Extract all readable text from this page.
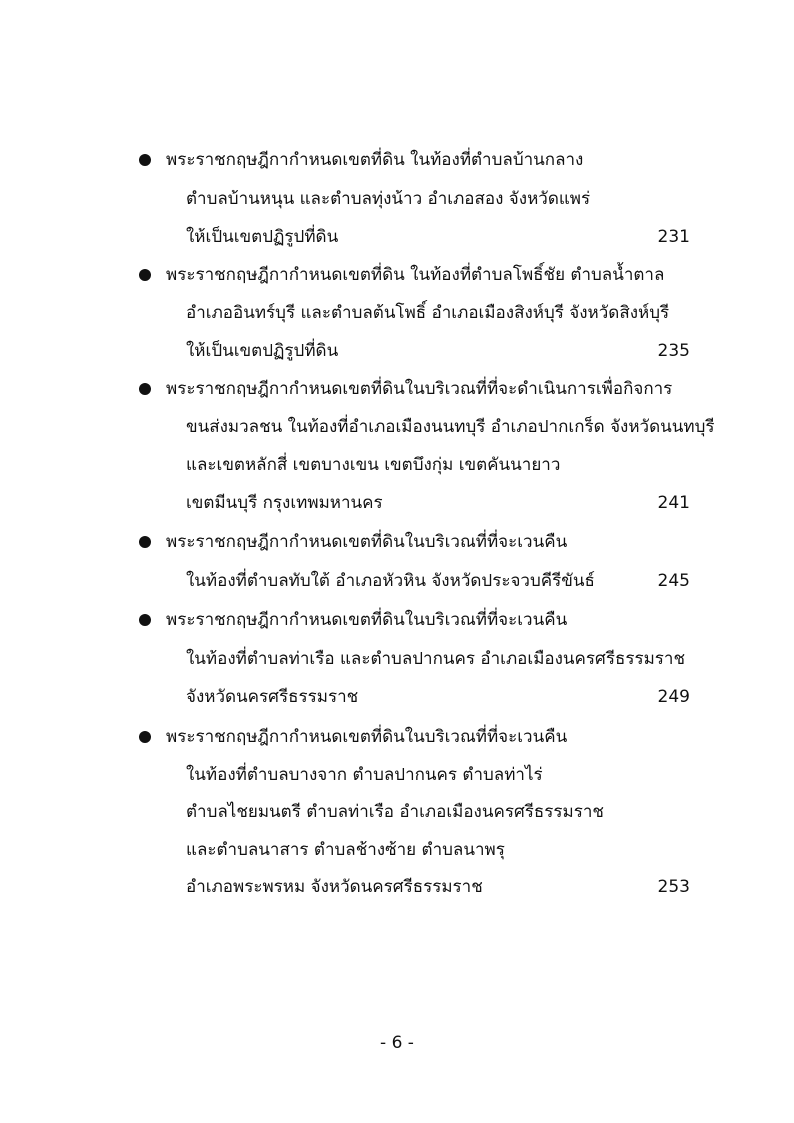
พระราชกฤษฎีกากำหนดเขตที่ดิน ในท้องที่ตำบลบ้านกลาง
ตำบลบ้านหนุน และตำบลทุ่งน้าว อำเภอสอง จังหวัดแพร่
ให้เป็นเขตปฏิรูปที่ดิน	231
พระราชกฤษฎีกากำหนดเขตที่ดิน ในท้องที่ตำบลโพธิ์ชัย ตำบลน้ำตาล
อำเภออินทร์บุรี และตำบลต้นโพธิ์ อำเภอเมืองสิงห์บุรี จังหวัดสิงห์บุรี
ให้เป็นเขตปฏิรูปที่ดิน	235
พระราชกฤษฎีกากำหนดเขตที่ดินในบริเวณที่ที่จะดำเนินการเพื่อกิจการ
ขนส่งมวลชน ในท้องที่อำเภอเมืองนนทบุรี อำเภอปากเกร็ด จังหวัดนนทบุรี
และเขตหลักสี่ เขตบางเขน เขตบึงกุ่ม เขตคันนายาว
เขตมีนบุรี กรุงเทพมหานคร	241
พระราชกฤษฎีกากำหนดเขตที่ดินในบริเวณที่ที่จะเวนคืน
ในท้องที่ตำบลทับใต้ อำเภอหัวหิน จังหวัดประจวบคีรีขันธ์	245
พระราชกฤษฎีกากำหนดเขตที่ดินในบริเวณที่ที่จะเวนคืน
ในท้องที่ตำบลท่าเรือ และตำบลปากนคร อำเภอเมืองนครศรีธรรมราช
จังหวัดนครศรีธรรมราช	249
พระราชกฤษฎีกากำหนดเขตที่ดินในบริเวณที่ที่จะเวนคืน
ในท้องที่ตำบลบางจาก ตำบลปากนคร ตำบลท่าไร่
ตำบลไชยมนตรี ตำบลท่าเรือ อำเภอเมืองนครศรีธรรมราช
และตำบลนาสาร ตำบลช้างซ้าย ตำบลนาพรุ
อำเภอพระพรหม จังหวัดนครศรีธรรมราช	253
- 6 -
